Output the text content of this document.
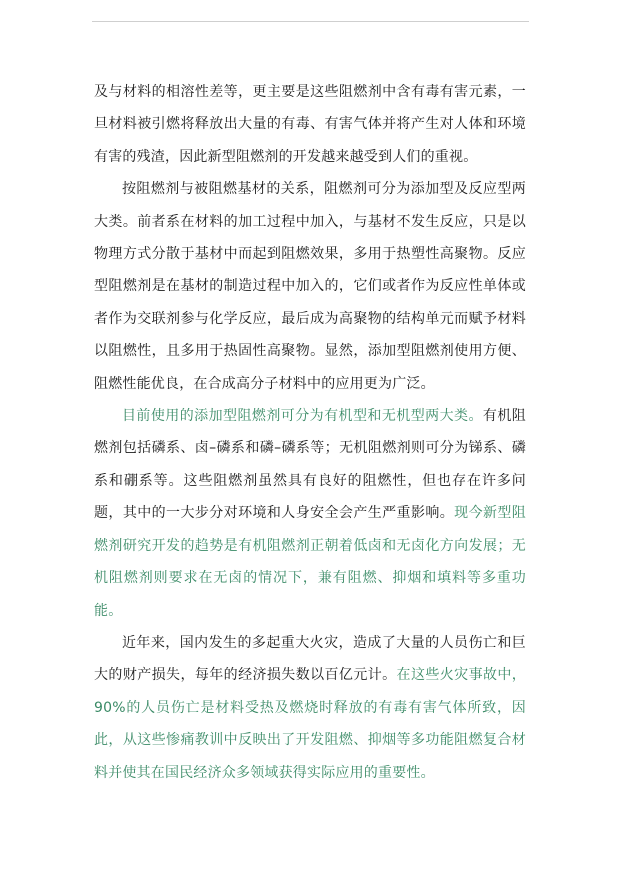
及与材料的相溶性差等，更主要是这些阻燃剂中含有毒有害元素，一旦材料被引燃将释放出大量的有毒、有害气体并将产生对人体和环境有害的残渣，因此新型阻燃剂的开发越来越受到人们的重视。

按阻燃剂与被阻燃基材的关系，阻燃剂可分为添加型及反应型两大类。前者系在材料的加工过程中加入，与基材不发生反应，只是以物理方式分散于基材中而起到阻燃效果，多用于热塑性高聚物。反应型阻燃剂是在基材的制造过程中加入的，它们或者作为反应性单体或者作为交联剂参与化学反应，最后成为高聚物的结构单元而赋予材料以阻燃性，且多用于热固性高聚物。显然，添加型阻燃剂使用方便、阻燃性能优良，在合成高分子材料中的应用更为广泛。

目前使用的添加型阻燃剂可分为有机型和无机型两大类。有机阻燃剂包括磷系、卤–磷系和磷–磷系等；无机阻燃剂则可分为锑系、磷系和硼系等。这些阻燃剂虽然具有良好的阻燃性，但也存在许多问题，其中的一大步分对环境和人身安全会产生严重影响。现今新型阻燃剂研究开发的趋势是有机阻燃剂正朝着低卤和无卤化方向发展；无机阻燃剂则要求在无卤的情况下，兼有阻燃、抑烟和填料等多重功能。

近年来，国内发生的多起重大火灾，造成了大量的人员伤亡和巨大的财产损失，每年的经济损失数以百亿元计。在这些火灾事故中，90%的人员伤亡是材料受热及燃烧时释放的有毒有害气体所致，因此，从这些惨痛教训中反映出了开发阻燃、抑烟等多功能阻燃复合材料并使其在国民经济众多领域获得实际应用的重要性。
